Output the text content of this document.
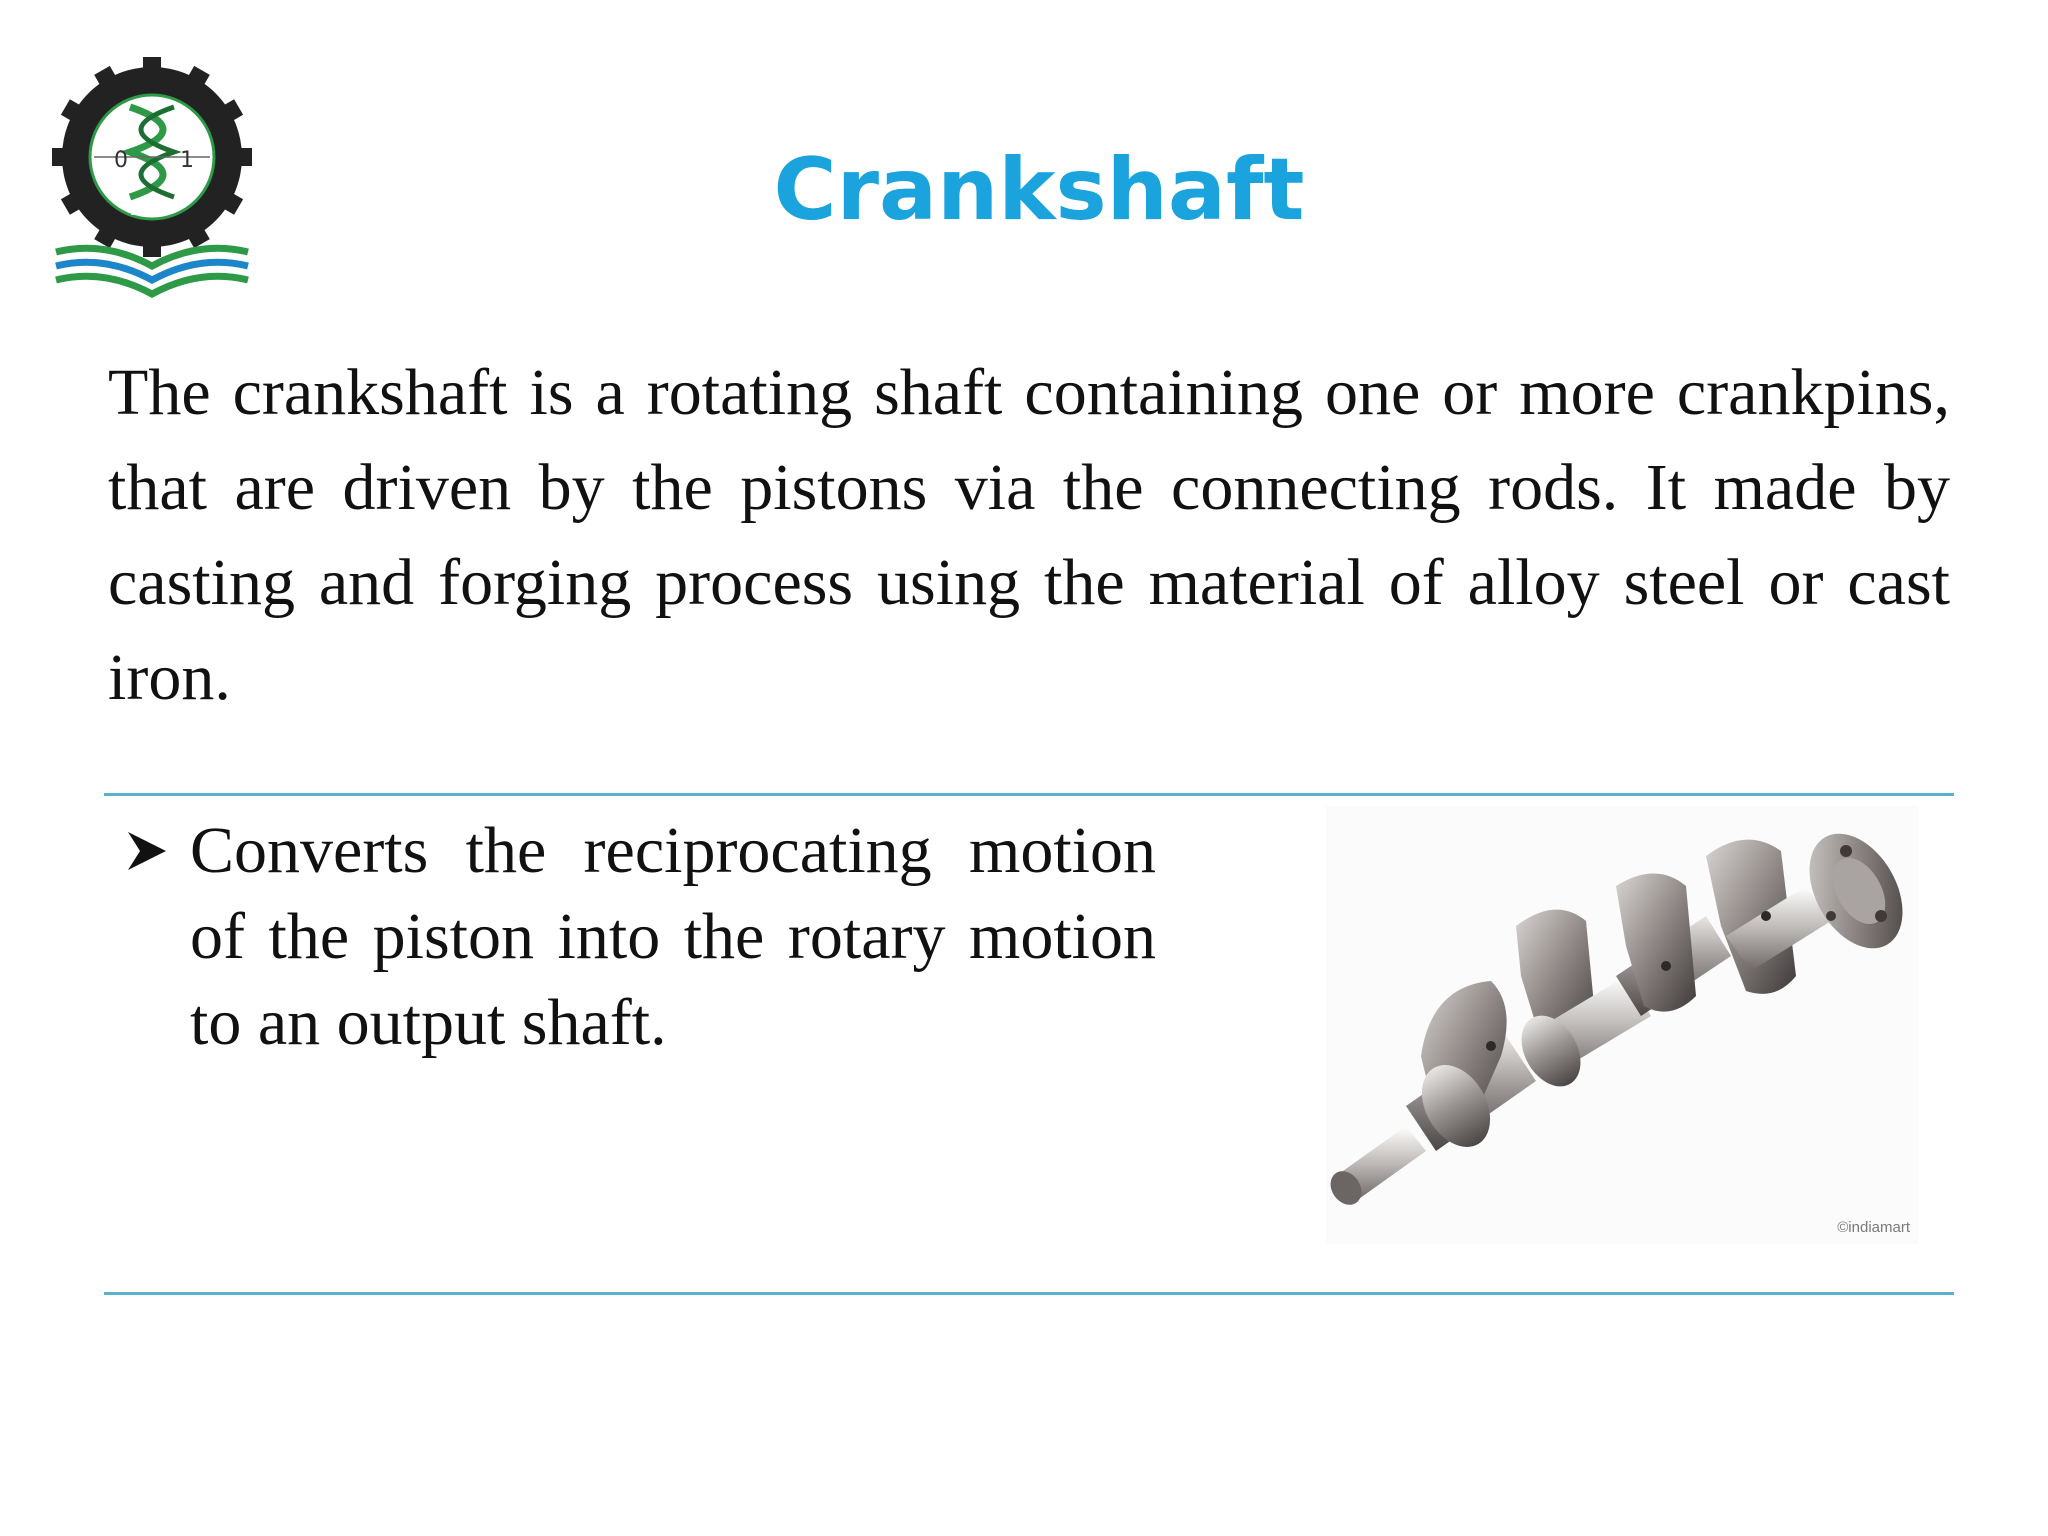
0 1
HSTU	Crankshaft

The crankshaft is a rotating shaft containing one or more crankpins, that are driven by the pistons via the connecting rods. It made by casting and forging process using the material of alloy steel or cast iron.

Converts the reciprocating motion of the piston into the rotary motion to an output shaft.

©indiamart
